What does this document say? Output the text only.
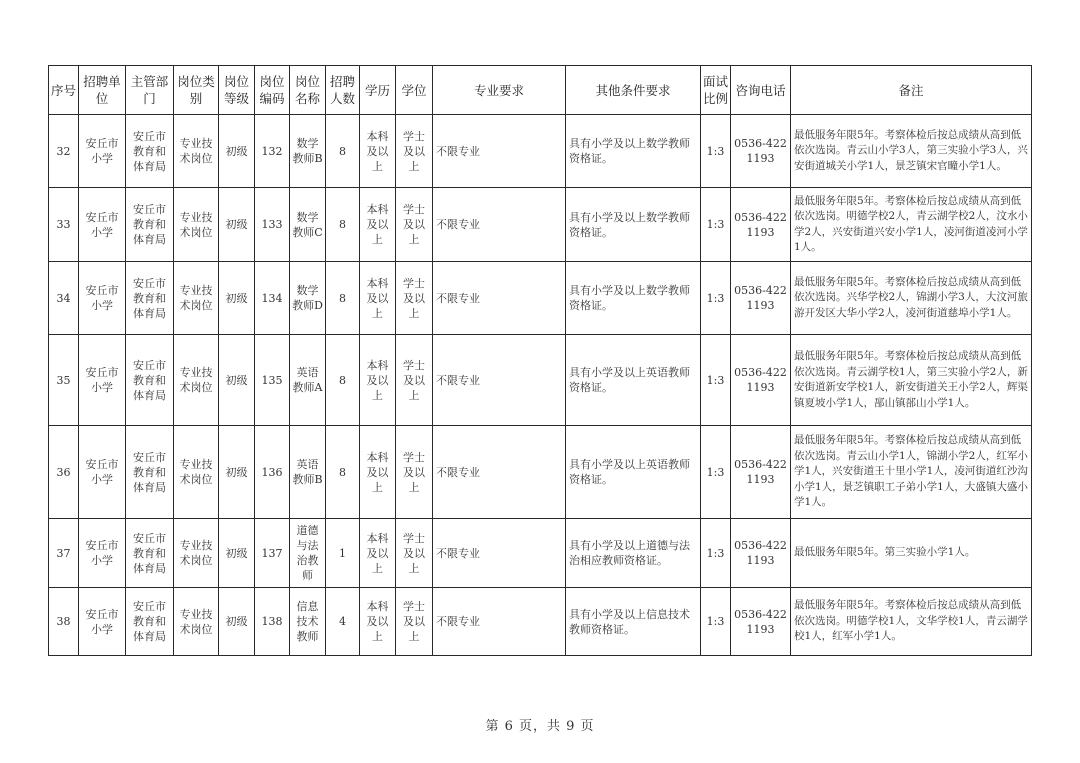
序号	招聘单位	主管部门	岗位类别	岗位等级	岗位编码	岗位名称	招聘人数	学历	学位	专业要求	其他条件要求	面试比例	咨询电话	备注
32	安丘市小学	安丘市教育和体育局	专业技术岗位	初级	132	数学教师B	8	本科及以上	学士及以上	不限专业	具有小学及以上数学教师资格证。	1:3	0536-4221193	最低服务年限5年。考察体检后按总成绩从高到低依次选岗。青云山小学3人，第三实验小学3人，兴安街道城关小学1人，景芝镇宋官疃小学1人。
33	安丘市小学	安丘市教育和体育局	专业技术岗位	初级	133	数学教师C	8	本科及以上	学士及以上	不限专业	具有小学及以上数学教师资格证。	1:3	0536-4221193	最低服务年限5年。考察体检后按总成绩从高到低依次选岗。明德学校2人，青云湖学校2人，汶水小学2人，兴安街道兴安小学1人，凌河街道凌河小学1人。
34	安丘市小学	安丘市教育和体育局	专业技术岗位	初级	134	数学教师D	8	本科及以上	学士及以上	不限专业	具有小学及以上数学教师资格证。	1:3	0536-4221193	最低服务年限5年。考察体检后按总成绩从高到低依次选岗。兴华学校2人，锦湖小学3人，大汶河旅游开发区大华小学2人，凌河街道慈埠小学1人。
35	安丘市小学	安丘市教育和体育局	专业技术岗位	初级	135	英语教师A	8	本科及以上	学士及以上	不限专业	具有小学及以上英语教师资格证。	1:3	0536-4221193	最低服务年限5年。考察体检后按总成绩从高到低依次选岗。青云湖学校1人，第三实验小学2人，新安街道新安学校1人，新安街道关王小学2人，辉渠镇夏坡小学1人，郚山镇郚山小学1人。
36	安丘市小学	安丘市教育和体育局	专业技术岗位	初级	136	英语教师B	8	本科及以上	学士及以上	不限专业	具有小学及以上英语教师资格证。	1:3	0536-4221193	最低服务年限5年。考察体检后按总成绩从高到低依次选岗。青云山小学1人，锦湖小学2人，红军小学1人，兴安街道王十里小学1人，凌河街道红沙沟小学1人，景芝镇职工子弟小学1人，大盛镇大盛小学1人。
37	安丘市小学	安丘市教育和体育局	专业技术岗位	初级	137	道德与法治教师	1	本科及以上	学士及以上	不限专业	具有小学及以上道德与法治相应教师资格证。	1:3	0536-4221193	最低服务年限5年。第三实验小学1人。
38	安丘市小学	安丘市教育和体育局	专业技术岗位	初级	138	信息技术教师	4	本科及以上	学士及以上	不限专业	具有小学及以上信息技术教师资格证。	1:3	0536-4221193	最低服务年限5年。考察体检后按总成绩从高到低依次选岗。明德学校1人，文华学校1人，青云湖学校1人，红军小学1人。
第 6 页，共 9 页
